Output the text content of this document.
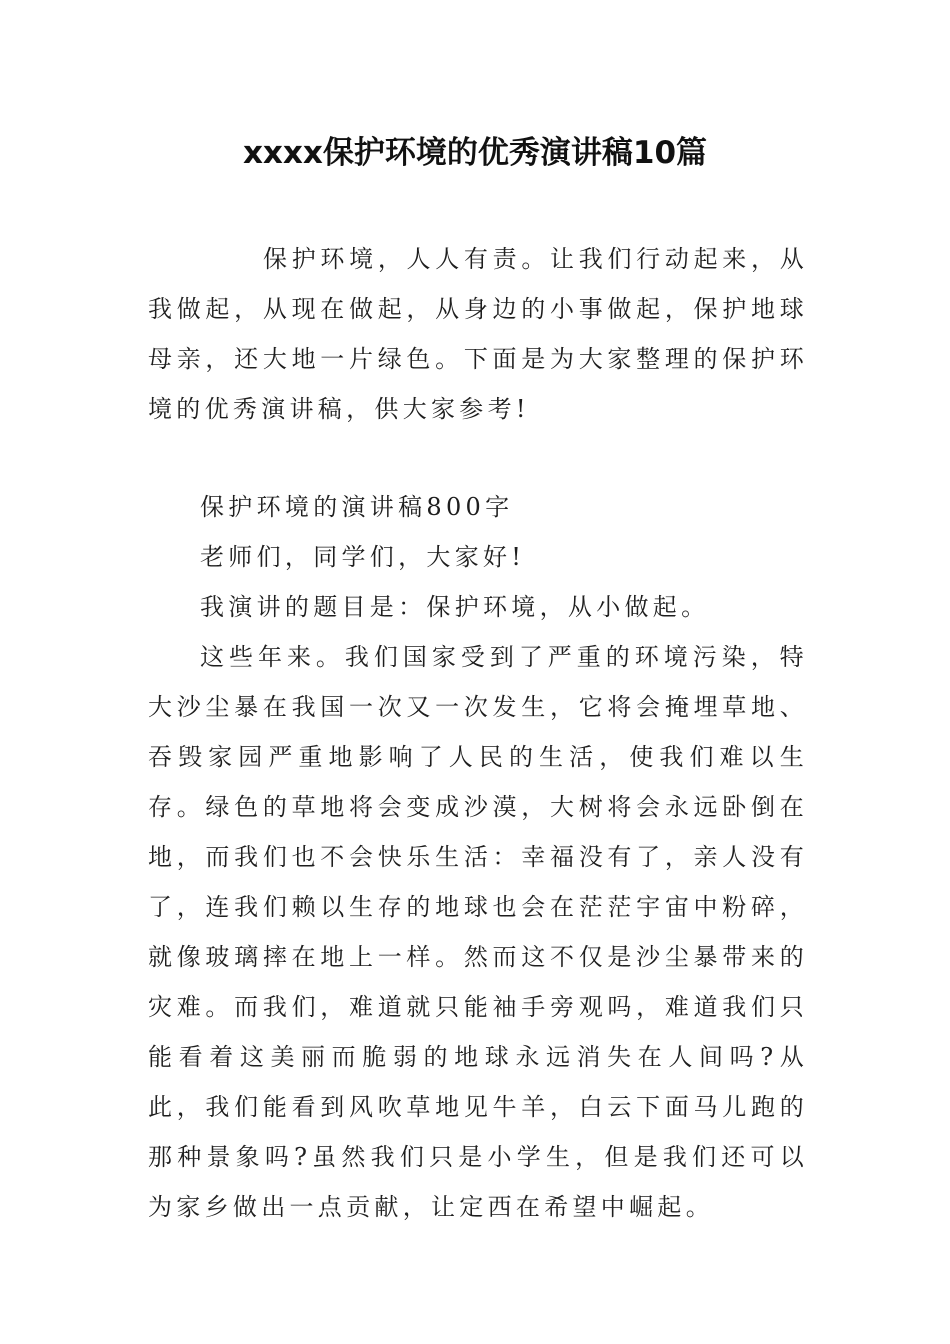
xxxx保护环境的优秀演讲稿10篇
保护环境，人人有责。让我们行动起来，从我做起，从现在做起，从身边的小事做起，保护地球母亲，还大地一片绿色。下面是为大家整理的保护环境的优秀演讲稿，供大家参考!
保护环境的演讲稿800字
老师们，同学们，大家好!
我演讲的题目是：保护环境，从小做起。
这些年来。我们国家受到了严重的环境污染，特大沙尘暴在我国一次又一次发生，它将会掩埋草地、吞毁家园严重地影响了人民的生活，使我们难以生存。绿色的草地将会变成沙漠，大树将会永远卧倒在地，而我们也不会快乐生活：幸福没有了，亲人没有了，连我们赖以生存的地球也会在茫茫宇宙中粉碎，就像玻璃摔在地上一样。然而这不仅是沙尘暴带来的灾难。而我们，难道就只能袖手旁观吗，难道我们只能看着这美丽而脆弱的地球永远消失在人间吗?从此，我们能看到风吹草地见牛羊，白云下面马儿跑的那种景象吗?虽然我们只是小学生，但是我们还可以为家乡做出一点贡献，让定西在希望中崛起。
